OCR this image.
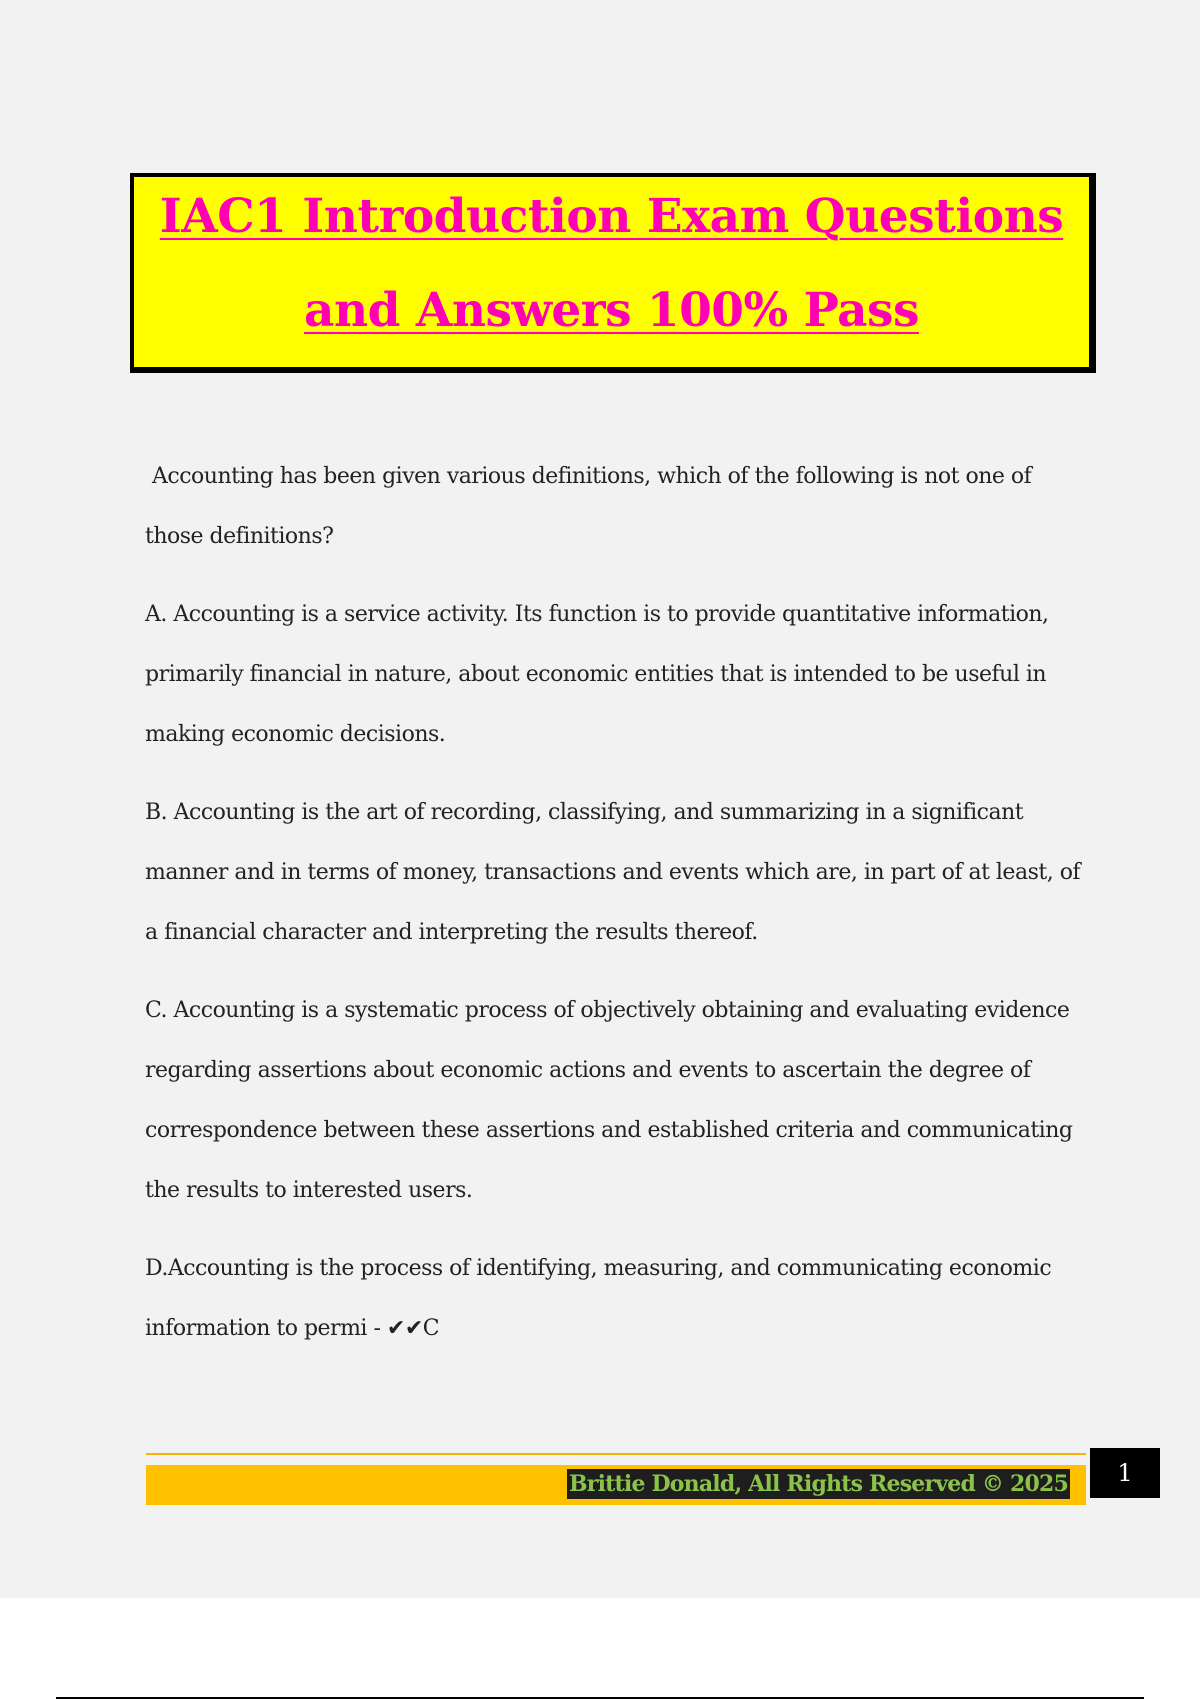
IAC1 Introduction Exam Questions
and Answers 100% Pass

Accounting has been given various definitions, which of the following is not one of those definitions?

A. Accounting is a service activity. Its function is to provide quantitative information, primarily financial in nature, about economic entities that is intended to be useful in making economic decisions.

B. Accounting is the art of recording, classifying, and summarizing in a significant manner and in terms of money, transactions and events which are, in part of at least, of a financial character and interpreting the results thereof.

C. Accounting is a systematic process of objectively obtaining and evaluating evidence regarding assertions about economic actions and events to ascertain the degree of correspondence between these assertions and established criteria and communicating the results to interested users.

D.Accounting is the process of identifying, measuring, and communicating economic information to permi - ✔✔C

Brittie Donald, All Rights Reserved © 2025	1
